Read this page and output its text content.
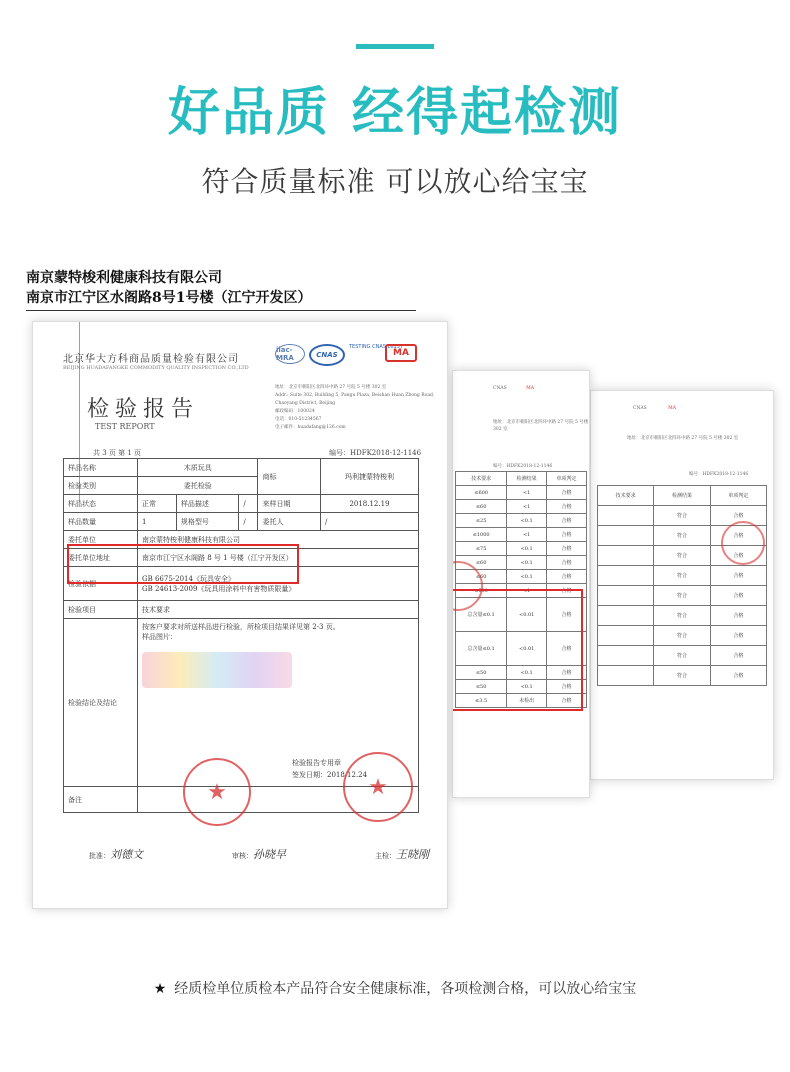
好品质 经得起检测
符合质量标准 可以放心给宝宝
南京蒙特梭利健康科技有限公司
南京市江宁区水阁路8号1号楼（江宁开发区）
CNAS	MA
地址：北京市朝阳区北四环中路 27 号院 5 号楼 302 室
编号：HDFK2018-12-1146
技术要求	检测结果	单项判定
	符合	合格
	符合	合格
	符合	合格
	符合	合格
	符合	合格
	符合	合格
	符合	合格
	符合	合格
	符合	合格
CNAS	MA
地址：北京市朝阳区北四环中路 27 号院 5 号楼 302 室
编号：HDFK2018-12-1146
技术要求	检测结果	单项判定
≤600	<1	合格
≤60	<1	合格
≤25	<0.1	合格
≤1000	<1	合格
≤75	<0.1	合格
≤60	<0.1	合格
≤60	<0.1	合格
≤500	<1	合格
总含量≤0.1	<0.01	合格
总含量≤0.1	<0.01	合格
≤50	<0.1	合格
≤50	<0.1	合格
≤3.5	未检出	合格
北京华大方科商品质量检验有限公司
BEIJING HUADAFANGKE COMMODITY QUALITY INSPECTION CO.,LTD
ilac-MRA	CNAS
TESTING CNAS L6137
MA
地址：北京市朝阳区北四环中路 27 号院 5 号楼 302 室
Addr.: Suite 302, Building 5, Pangu Plaza, Beishan Huan Zhong Road, Chaoyang District, Beijing
邮政编码：100024
电话：010-51234567
电子邮件：huadafang@126.com
检验报告
TEST REPORT
共 3 页 第 1 页	编号：HDFK2018-12-1146
样品名称	木质玩具			商标	玛利捷蒙特梭利
检验类别	委托检验				
样品状态	正常	样品描述	/	来样日期	2018.12.19
样品数量	1	规格型号	/	委托人	/
委托单位	南京蒙特梭利健康科技有限公司				
委托单位地址	南京市江宁区水阁路 8 号 1 号楼（江宁开发区）				
检验依据	GB 6675-2014《玩具安全》
GB 24613-2009《玩具用涂料中有害物质限量》				

检验项目	技术要求				
检验结论及结论	按客户要求对所送样品进行检验，所检项目结果详见第 2-3 页。
样品图片：
检验报告专用章
签发日期：2018.12.24				

备注						★	★
批准：刘德文	审核：孙晓早	主检：王晓刚
★ 经质检单位质检本产品符合安全健康标准，各项检测合格，可以放心给宝宝
